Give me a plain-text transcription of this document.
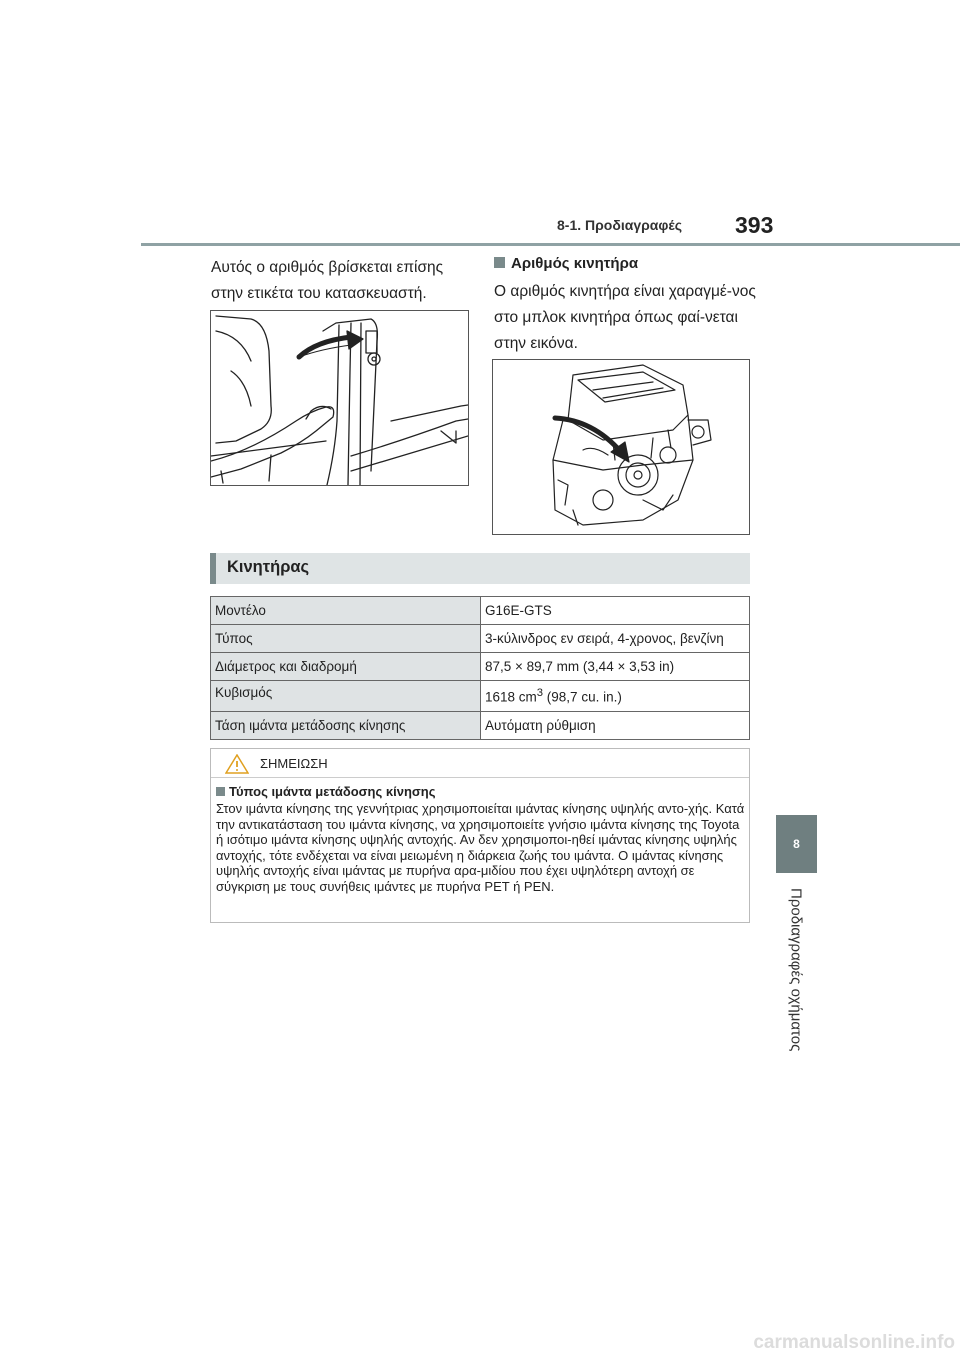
8-1. Προδιαγραφές 393
8
Προδιαγραφές οχήματος
Αυτός ο αριθμός βρίσκεται επίσης στην ετικέτα του κατασκευαστή.
Αριθμός κινητήρα
Ο αριθμός κινητήρα είναι χαραγμέ-νος στο μπλοκ κινητήρα όπως φαί-νεται στην εικόνα.
Κινητήρας
Μοντέλο	G16E-GTS
Τύπος	3-κύλινδρος εν σειρά, 4-χρονος, βενζίνη
Διάμετρος και διαδρομή	87,5 × 89,7 mm (3,44 × 3,53 in)
Κυβισμός	1618 $cm^3$ (98,7 cu. in.)
Τάση ιμάντα μετάδοσης κίνησης	Αυτόματη ρύθμιση
ΣΗΜΕΙΩΣΗ
Τύπος ιμάντα μετάδοσης κίνησης
Στον ιμάντα κίνησης της γεννήτριας χρησιμοποιείται ιμάντας κίνησης υψηλής αντο-χής. Κατά την αντικατάσταση του ιμάντα κίνησης, να χρησιμοποιείτε γνήσιο ιμάντα κίνησης της Toyota ή ισότιμο ιμάντα κίνησης υψηλής αντοχής. Αν δεν χρησιμοποι-ηθεί ιμάντας κίνησης υψηλής αντοχής, τότε ενδέχεται να είναι μειωμένη η διάρκεια ζωής του ιμάντα. Ο ιμάντας κίνησης υψηλής αντοχής είναι ιμάντας με πυρήνα αρα-μιδίου που έχει υψηλότερη αντοχή σε σύγκριση με τους συνήθεις ιμάντες με πυρήνα PET ή PEN.
carmanualsonline.info
